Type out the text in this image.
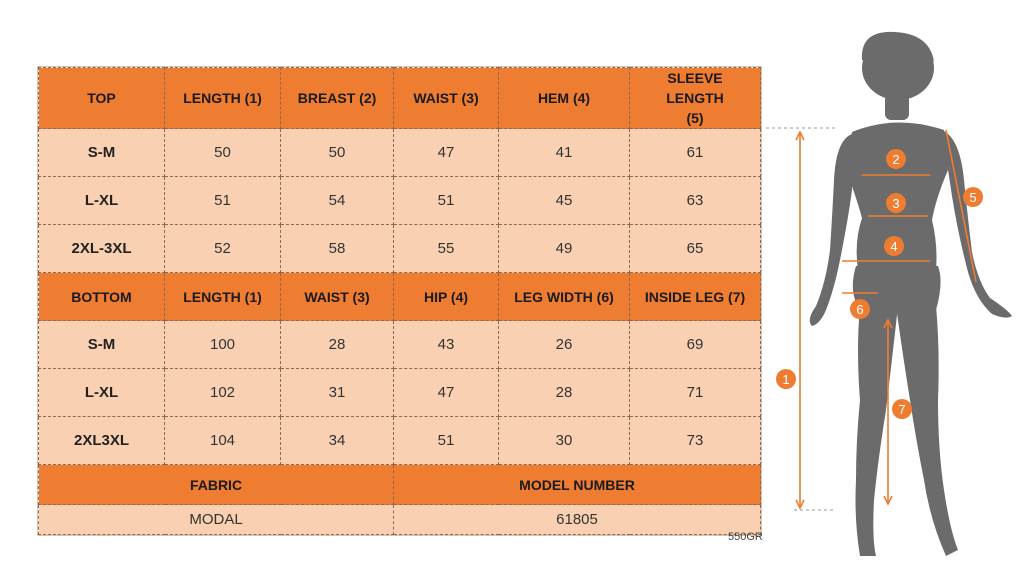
TOP	LENGTH (1)	BREAST (2)	WAIST (3)	HEM (4)	SLEEVE LENGTH (5)
S-M	50	50	47	41	61
L-XL	51	54	51	45	63
2XL-3XL	52	58	55	49	65
BOTTOM	LENGTH (1)	WAIST (3)	HIP (4)	LEG WIDTH (6)	INSIDE LEG (7)
S-M	100	28	43	26	69
L-XL	102	31	47	28	71
2XL3XL	104	34	51	30	73
FABRIC			MODEL NUMBER		
MODAL			61805		
550GR
1
2
3
4
5
6
7
